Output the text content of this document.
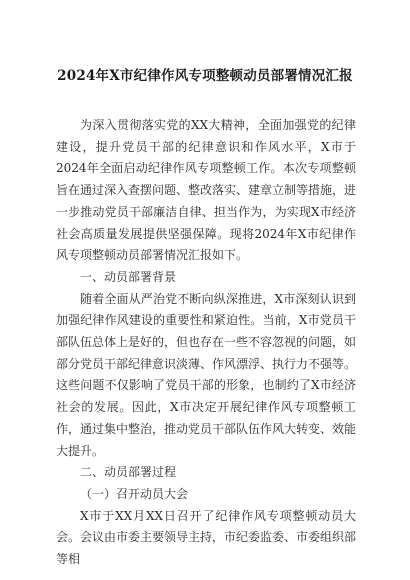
2024年X市纪律作风专项整顿动员部署情况汇报

为深入贯彻落实党的XX大精神，全面加强党的纪律建设，提升党员干部的纪律意识和作风水平，X市于2024年全面启动纪律作风专项整顿工作。本次专项整顿旨在通过深入查摆问题、整改落实、建章立制等措施，进一步推动党员干部廉洁自律、担当作为，为实现X市经济社会高质量发展提供坚强保障。现将2024年X市纪律作风专项整顿动员部署情况汇报如下。

一、动员部署背景

随着全面从严治党不断向纵深推进，X市深刻认识到加强纪律作风建设的重要性和紧迫性。当前，X市党员干部队伍总体上是好的，但也存在一些不容忽视的问题，如部分党员干部纪律意识淡薄、作风漂浮、执行力不强等。这些问题不仅影响了党员干部的形象，也制约了X市经济社会的发展。因此，X市决定开展纪律作风专项整顿工作，通过集中整治，推动党员干部队伍作风大转变、效能大提升。

二、动员部署过程

（一）召开动员大会

X市于XX月XX日召开了纪律作风专项整顿动员大会。会议由市委主要领导主持，市纪委监委、市委组织部等相
